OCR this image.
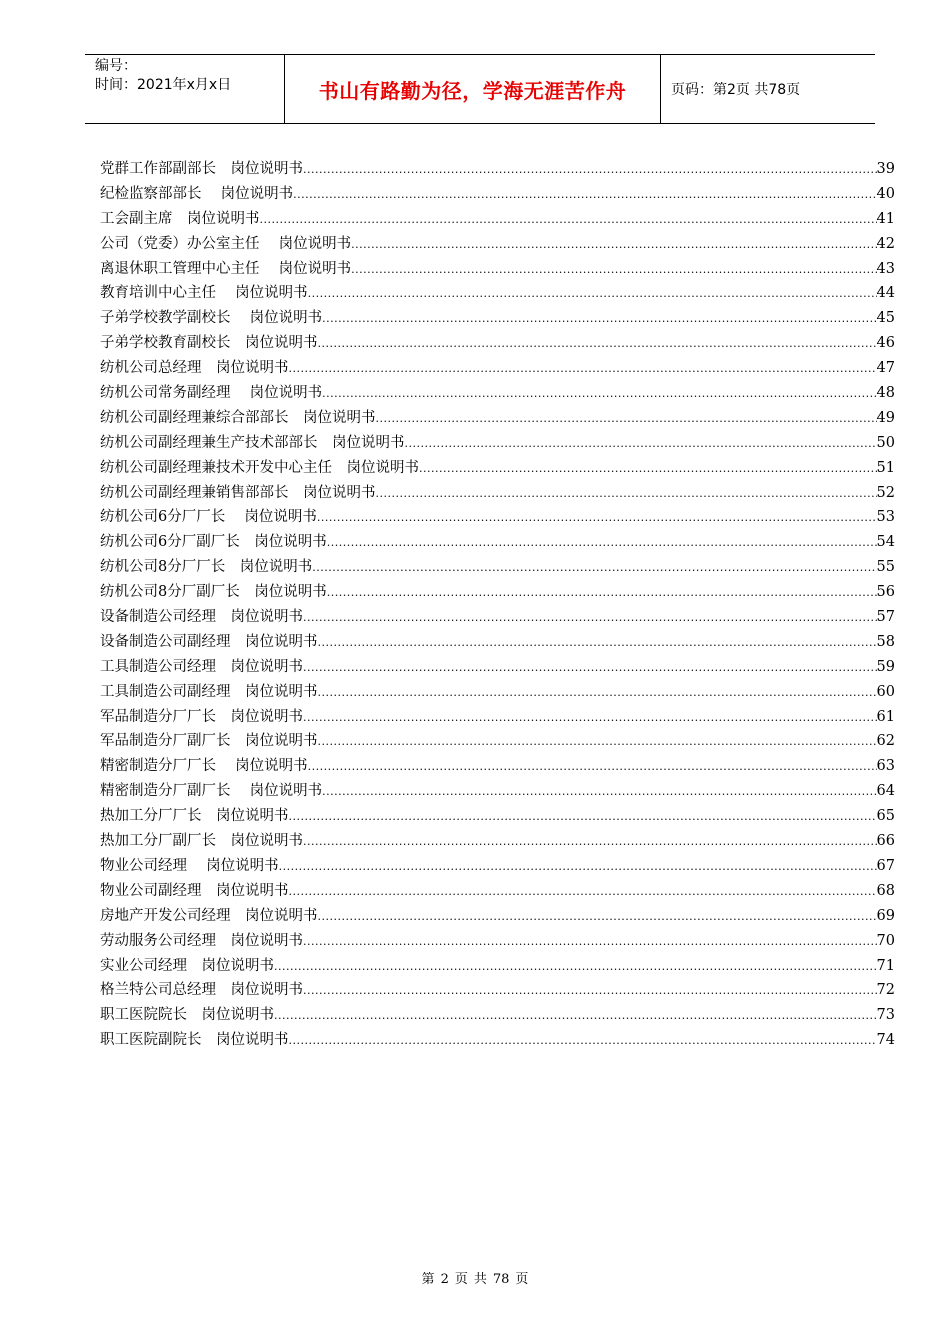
编号：
时间：2021年x月x日	书山有路勤为径，学海无涯苦作舟	页码：第2页 共78页
党群工作部副部长　岗位说明书 .....	39
纪检监察部部长　 岗位说明书 .....	40
工会副主席　岗位说明书 .....	41
公司（党委）办公室主任　 岗位说明书 .....	42
离退休职工管理中心主任　 岗位说明书 .....	43
教育培训中心主任　 岗位说明书 .....	44
子弟学校教学副校长　 岗位说明书 .....	45
子弟学校教育副校长　岗位说明书 .....	46
纺机公司总经理　岗位说明书 .....	47
纺机公司常务副经理　 岗位说明书 .....	48
纺机公司副经理兼综合部部长　岗位说明书 .....	49
纺机公司副经理兼生产技术部部长　岗位说明书 .....	50
纺机公司副经理兼技术开发中心主任　岗位说明书 .....	51
纺机公司副经理兼销售部部长　岗位说明书 .....	52
纺机公司6分厂厂长　 岗位说明书 .....	53
纺机公司6分厂副厂长　岗位说明书 .....	54
纺机公司8分厂厂长　岗位说明书 .....	55
纺机公司8分厂副厂长　岗位说明书 .....	56
设备制造公司经理　岗位说明书 .....	57
设备制造公司副经理　岗位说明书 .....	58
工具制造公司经理　岗位说明书 .....	59
工具制造公司副经理　岗位说明书 .....	60
军品制造分厂厂长　岗位说明书 .....	61
军品制造分厂副厂长　岗位说明书 .....	62
精密制造分厂厂长　 岗位说明书 .....	63
精密制造分厂副厂长　 岗位说明书 .....	64
热加工分厂厂长　岗位说明书 .....	65
热加工分厂副厂长　岗位说明书 .....	66
物业公司经理　 岗位说明书 .....	67
物业公司副经理　岗位说明书 .....	68
房地产开发公司经理　岗位说明书 .....	69
劳动服务公司经理　岗位说明书 .....	70
实业公司经理　岗位说明书 .....	71
格兰特公司总经理　岗位说明书 .....	72
职工医院院长　岗位说明书 .....	73
职工医院副院长　岗位说明书 .....	74
第 2 页 共 78 页
